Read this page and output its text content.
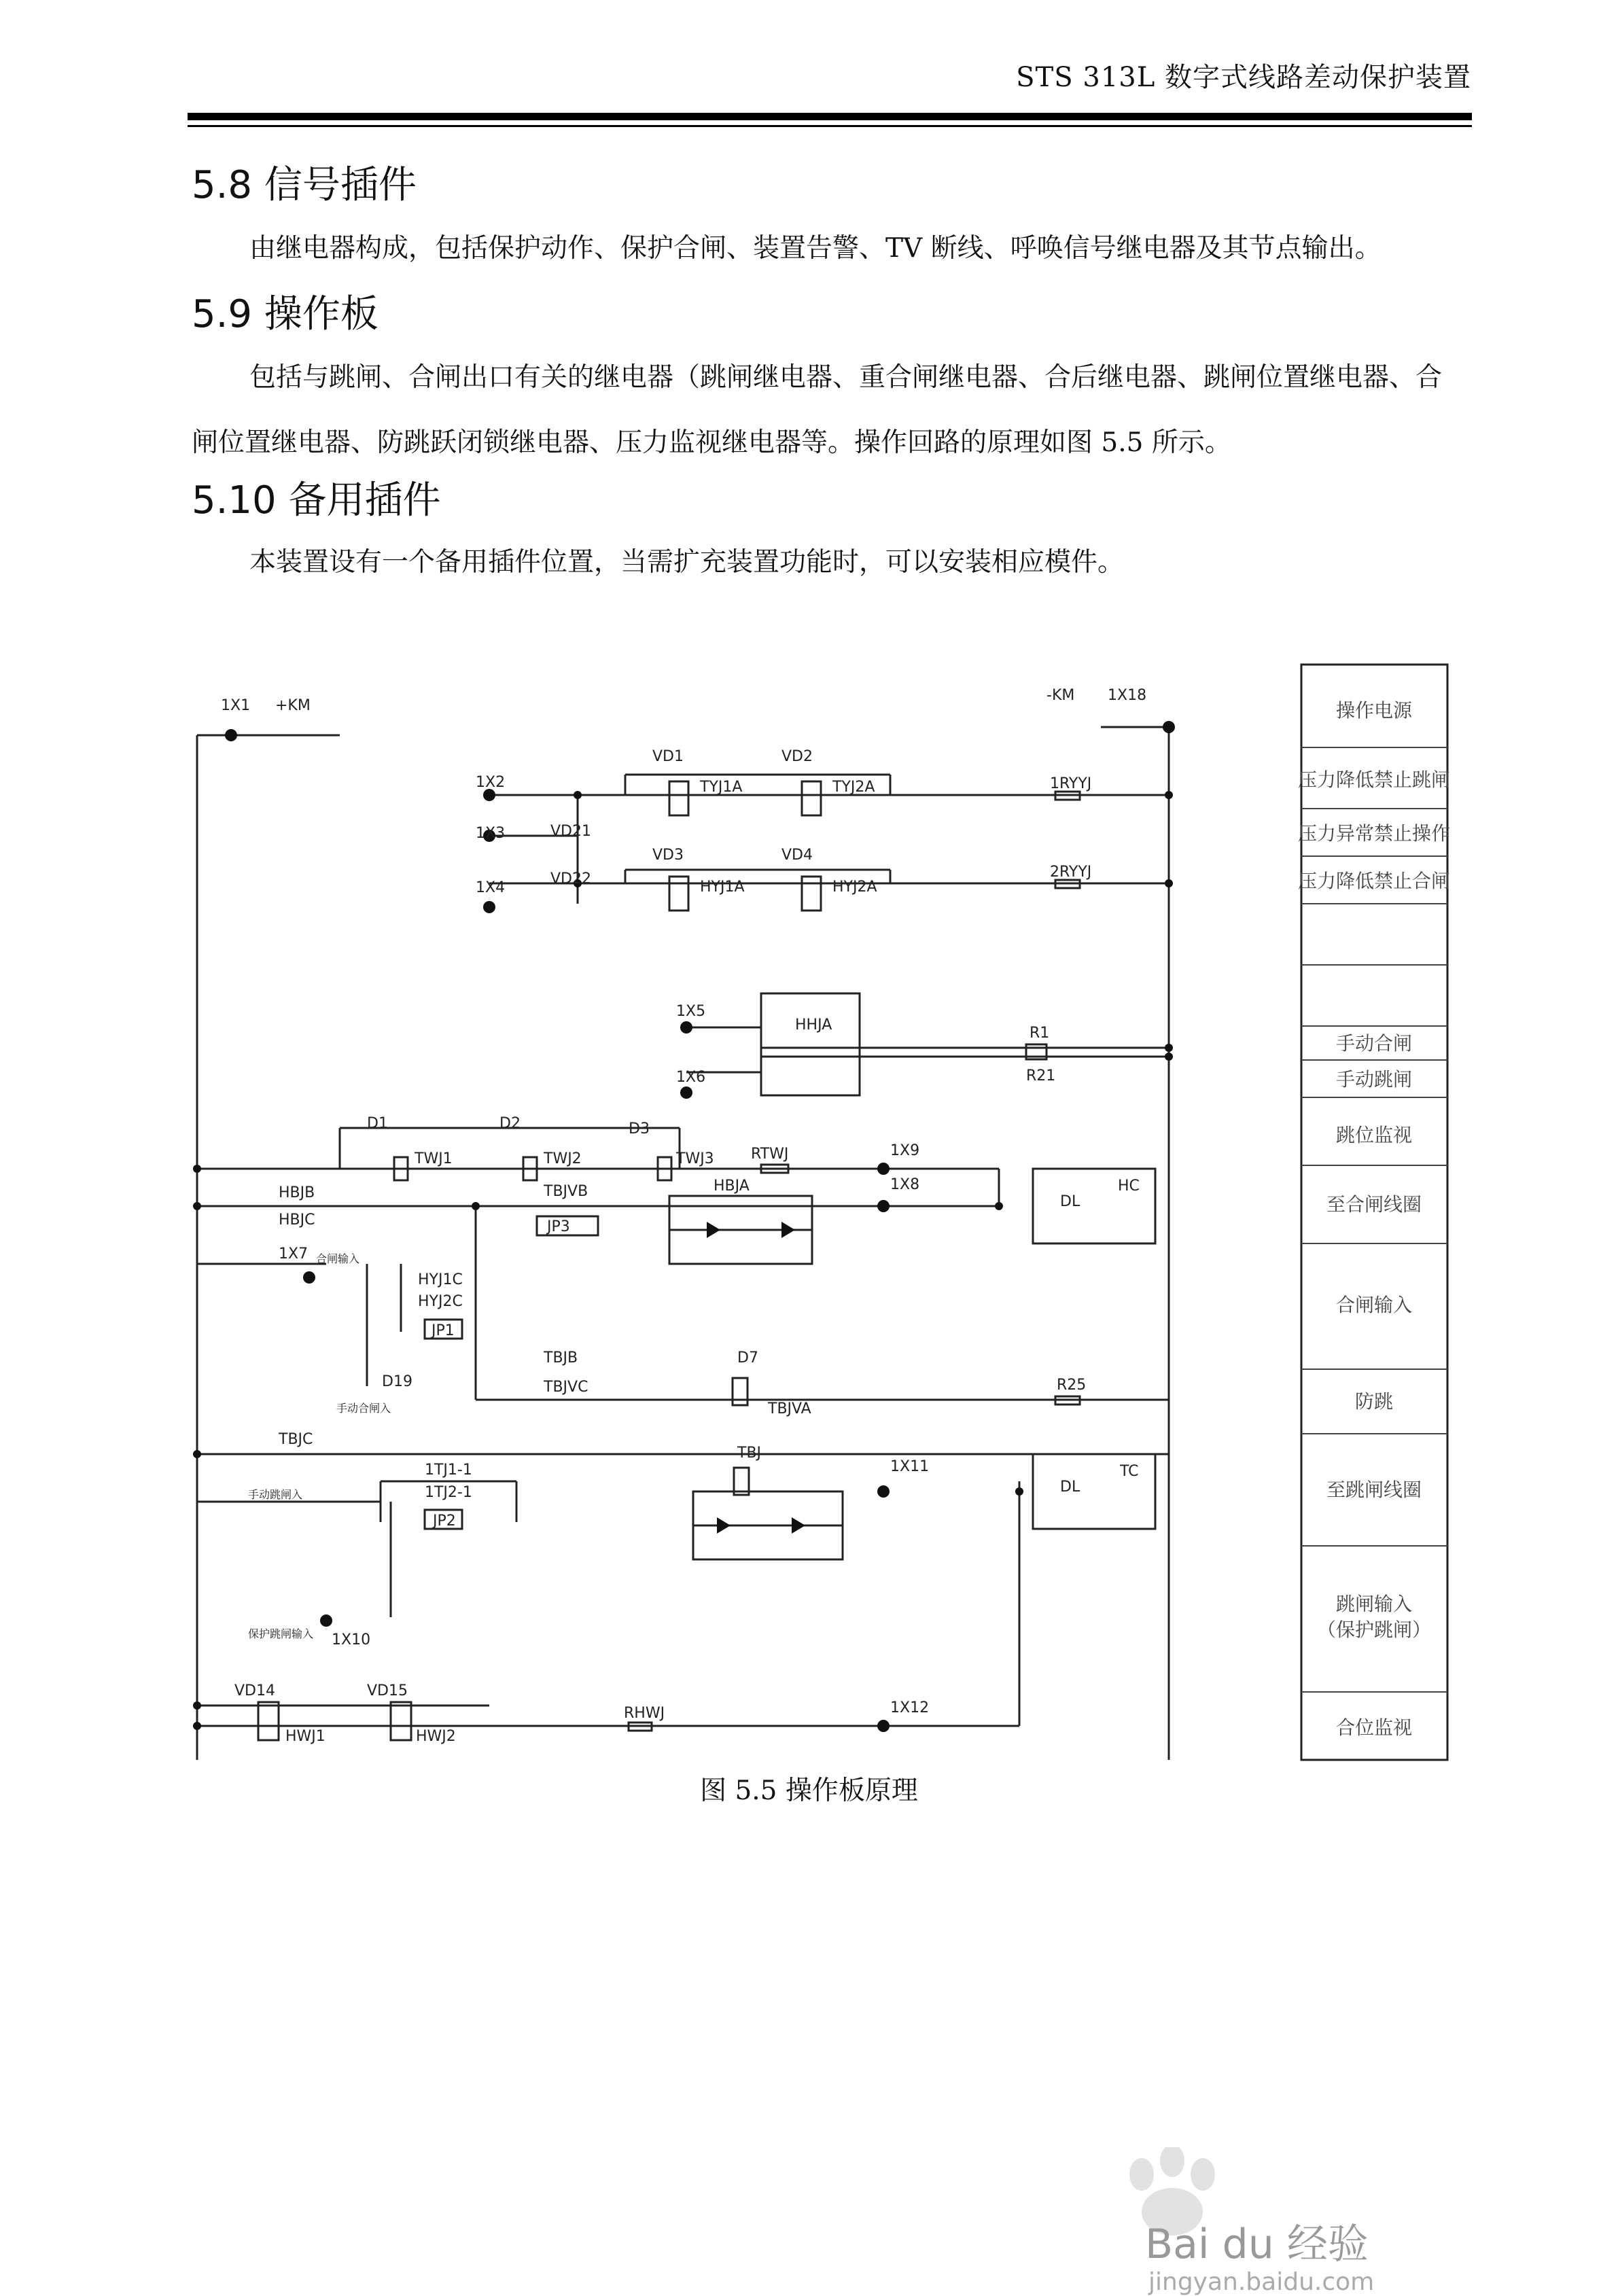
STS 313L 数字式线路差动保护装置
5.8 信号插件
由继电器构成，包括保护动作、保护合闸、装置告警、TV 断线、呼唤信号继电器及其节点输出。
5.9 操作板
包括与跳闸、合闸出口有关的继电器（跳闸继电器、重合闸继电器、合后继电器、跳闸位置继电器、合闸位置继电器、防跳跃闭锁继电器、压力监视继电器等。操作回路的原理如图 5.5 所示。
5.10 备用插件
本装置设有一个备用插件位置，当需扩充装置功能时，可以安装相应模件。
1X1 +KM
-KM 1X18
1X2
1X3
1X4
VD1	VD2
VD3	VD4
VD21
VD22
TYJ1A	TYJ2A
HYJ1A	HYJ2A
1RYYJ
2RYYJ
1X5
1X6
HHJA	R1
R21
D1	D2	D3
TWJ1	TWJ2	TWJ3 RTWJ	1X9
1X8
HBJB
HBJC
TBJVB
JP3
HBJA
DL
HC
1X7 合闸输入
HYJ1C
HYJ2C
JP1
D19
手动合闸入
TBJB
TBJVC
D7
TBJVA
R25
TBJC
TBJ
1TJ1-1
1TJ2-1
JP2
手动跳闸入
1X11
DL
TC
保护跳闸输入 1X10
VD14	VD15
HWJ1	HWJ2
RHWJ	1X12
操作电源
压力降低禁止跳闸
压力异常禁止操作
压力降低禁止合闸
手动合闸
手动跳闸
跳位监视
至合闸线圈
合闸输入
防跳
至跳闸线圈
跳闸输入（保护跳闸）
合位监视
图 5.5 操作板原理
Bai du 经验
jingyan.baidu.com
